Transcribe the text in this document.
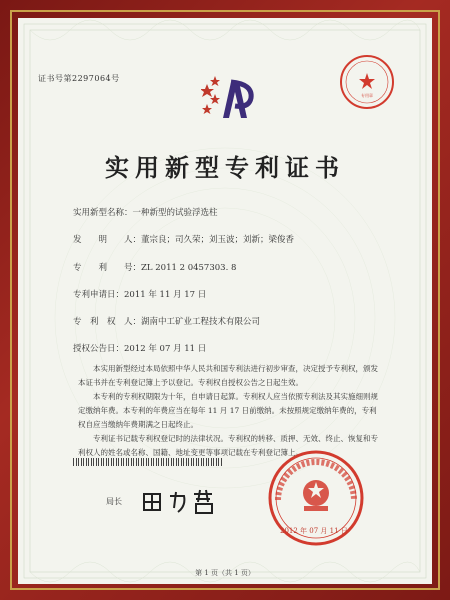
证书号第2297064号
专用章
实用新型专利证书
实用新型名称：一种新型的试验浮选柱
发　　明　　人：董宗良；司久荣；刘玉波；刘新；梁俊香
专　　利　　号：ZL 2011 2 0457303. 8
专利申请日：2011 年 11 月 17 日
专　利　权　人：湖南中工矿业工程技术有限公司
授权公告日：2012 年 07 月 11 日
本实用新型经过本局依照中华人民共和国专利法进行初步审查，决定授予专利权，颁发本证书并在专利登记簿上予以登记。专利权自授权公告之日起生效。
本专利的专利权期限为十年，自申请日起算。专利权人应当依照专利法及其实施细则规定缴纳年费。本专利的年费应当在每年 11 月 17 日前缴纳。未按照规定缴纳年费的，专利权自应当缴纳年费期满之日起终止。
专利证书记载专利权登记时的法律状况。专利权的转移、质押、无效、终止、恢复和专利权人的姓名或名称、国籍、地址变更等事项记载在专利登记簿上。
局长
2012 年 07 月 11 日
第 1 页（共 1 页）
